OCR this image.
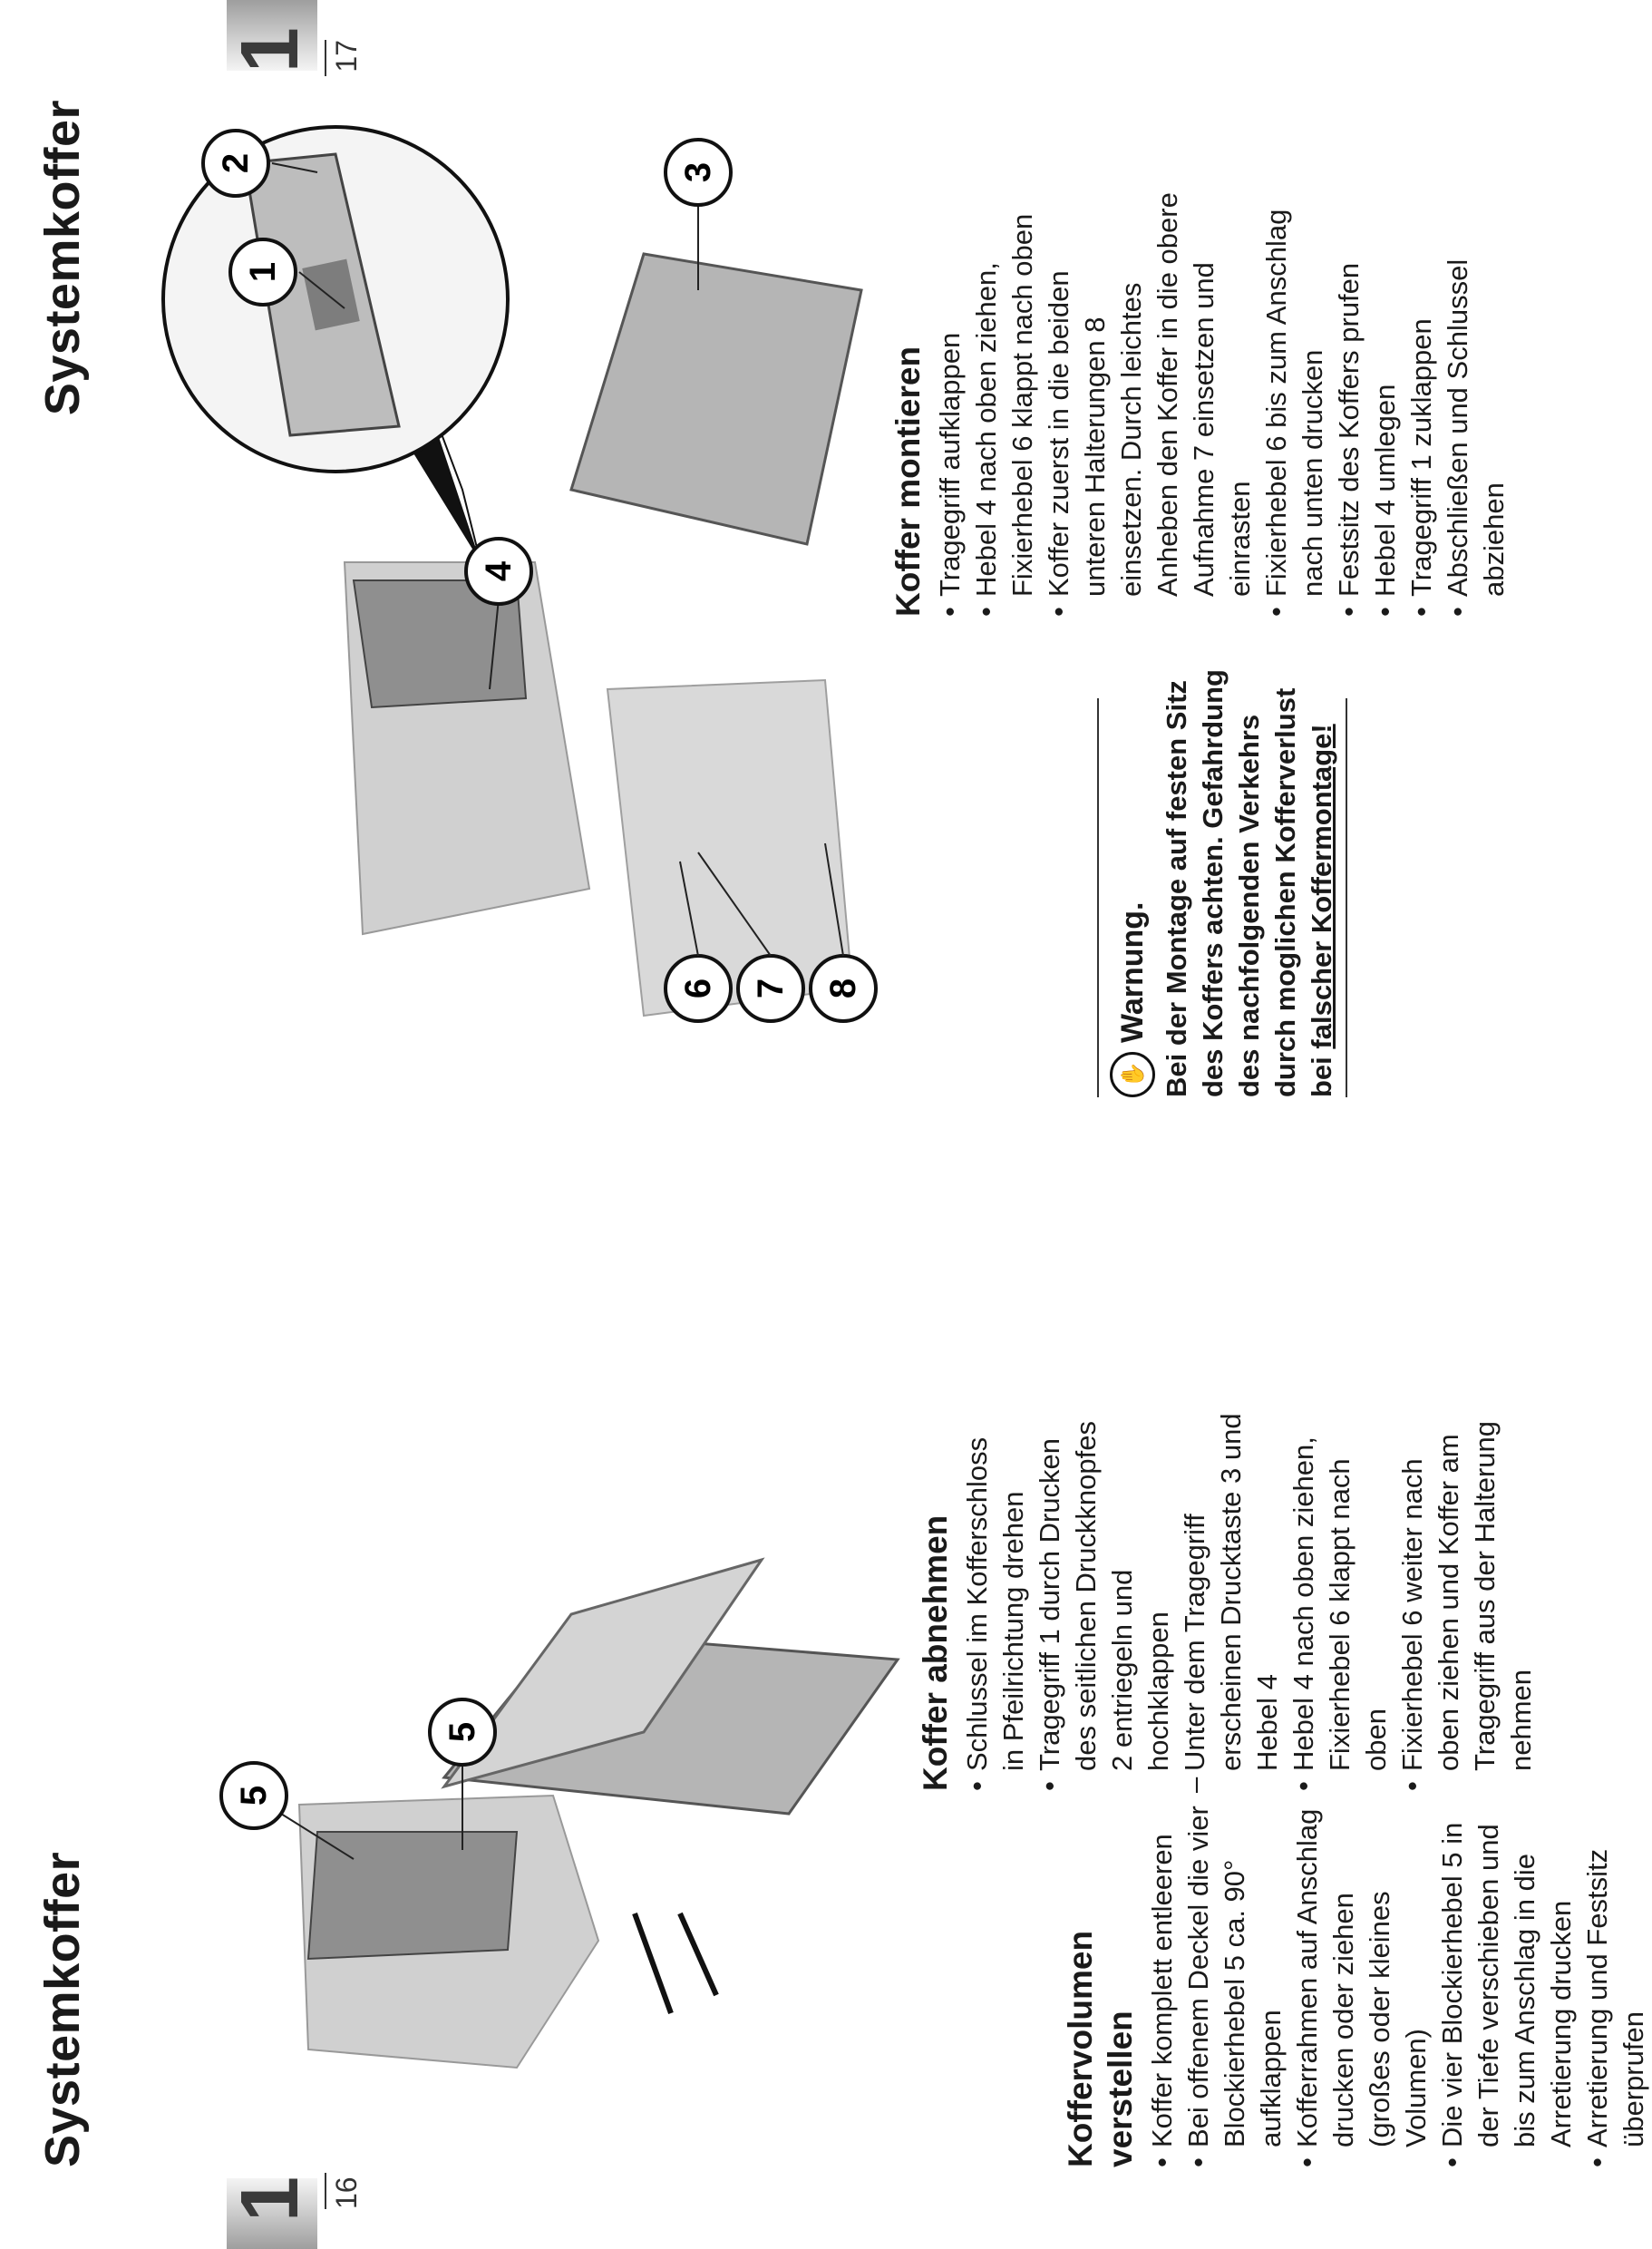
Systemkoffer
1 16
5
5
Koffervolumen verstellen • Koffer komplett entleeren • Bei offenem Deckel die vier Blockierhebel 5 ca. 90° aufklappen • Kofferrahmen auf Anschlag drucken oder ziehen (großes oder kleines Volumen) • Die vier Blockierhebel 5 in der Tiefe verschieben und bis zum Anschlag in die Arretierung drucken • Arretierung und Festsitz überprufen
Koffer abnehmen • Schlussel im Kofferschloss in Pfeilrichtung drehen • Tragegriff 1 durch Drucken des seitlichen Druckknopfes 2 entriegeln und hochklappen – Unter dem Tragegriff erscheinen Drucktaste 3 und Hebel 4 • Hebel 4 nach oben ziehen, Fixierhebel 6 klappt nach oben • Fixierhebel 6 weiter nach oben ziehen und Koffer am Tragegriff aus der Halterung nehmen
Systemkoffer
1 17
1
2	3
4
6 7 8
Koffer montieren • Tragegriff aufklappen • Hebel 4 nach oben ziehen, Fixierhebel 6 klappt nach oben • Koffer zuerst in die beiden unteren Halterungen 8 einsetzen. Durch leichtes Anheben den Koffer in die obere Aufnahme 7 einsetzen und einrasten • Fixierhebel 6 bis zum Anschlag nach unten drucken • Festsitz des Koffers prufen • Hebel 4 umlegen • Tragegriff 1 zuklappen • Abschließen und Schlussel abziehen
✋
Warnung. Bei der Montage auf festen Sitz des Koffers achten. Gefahrdung des nachfolgenden Verkehrs durch moglichen Kofferverlust bei falscher Koffermontage!
